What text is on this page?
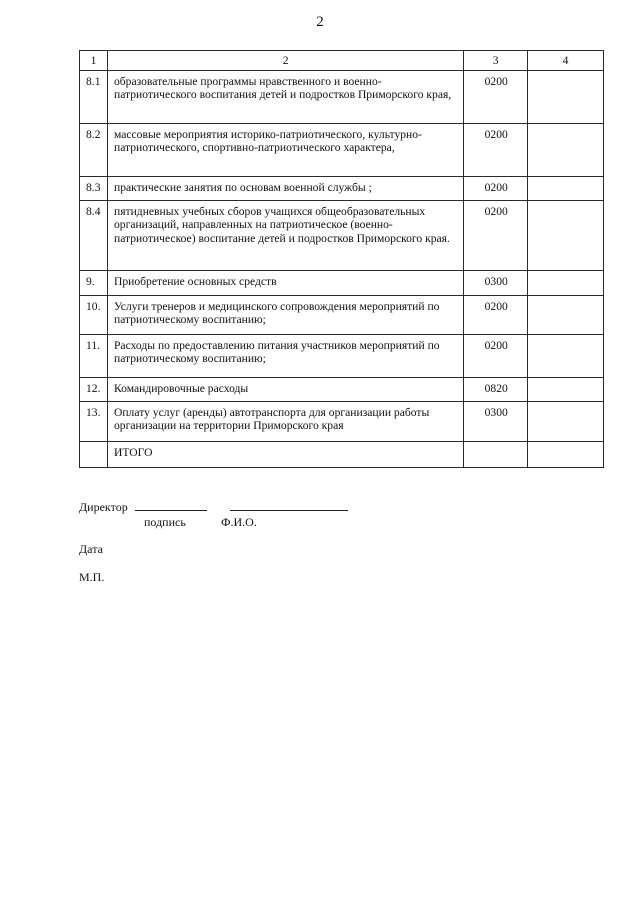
2
1	2	3	4
8.1	образовательные программы нравственного и военно-патриотического воспитания детей и подростков Приморского края,	0200	
8.2	массовые мероприятия историко-патриотического, культурно-патриотического, спортивно-патриотического характера,	0200	
8.3	практические занятия по основам военной службы ;	0200	
8.4	пятидневных учебных сборов учащихся общеобразовательных организаций, направленных на патриотическое (военно-патриотическое) воспитание детей и подростков Приморского края.	0200	
9.	Приобретение основных средств	0300	
10.	Услуги тренеров и медицинского сопровождения мероприятий по патриотическому воспитанию;	0200	
11.	Расходы по предоставлению питания участников мероприятий по патриотическому воспитанию;	0200	
12.	Командировочные расходы	0820	
13.	Оплату услуг (аренды) автотранспорта для организации работы организации на территории Приморского края	0300	
	ИТОГО		
Директор
подпись	Ф.И.О.
Дата
М.П.
